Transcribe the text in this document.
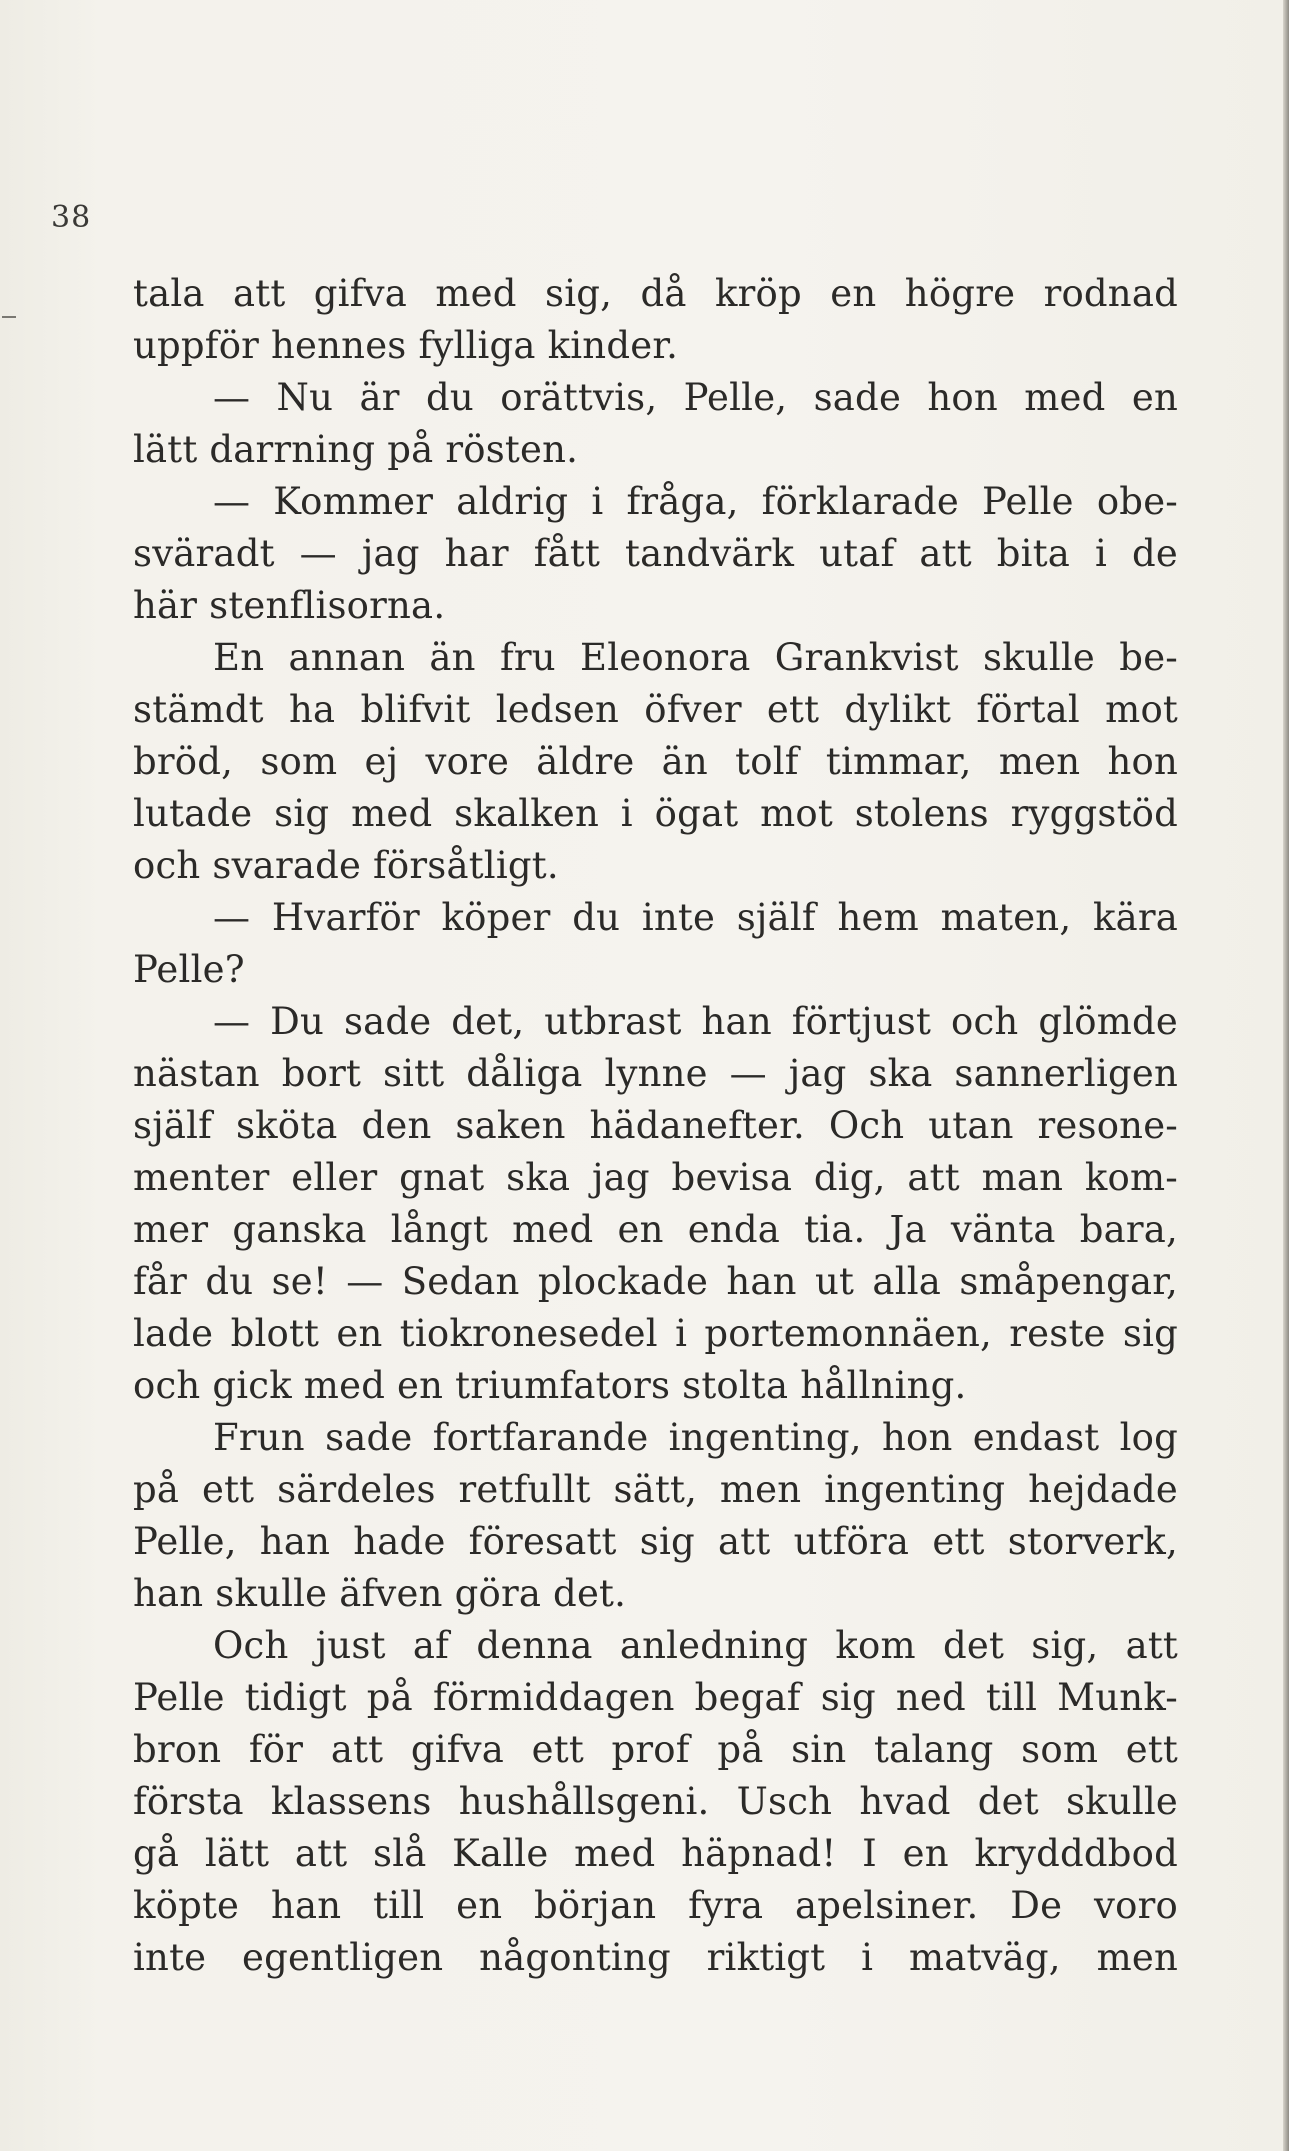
38
tala att gifva med sig, då kröp en högre rodnad
uppför hennes fylliga kinder.
— Nu är du orättvis, Pelle, sade hon med en
lätt darrning på rösten.
— Kommer aldrig i fråga, förklarade Pelle obe-
sväradt — jag har fått tandvärk utaf att bita i de
här stenflisorna.
En annan än fru Eleonora Grankvist skulle be-
stämdt ha blifvit ledsen öfver ett dylikt förtal mot
bröd, som ej vore äldre än tolf timmar, men hon
lutade sig med skalken i ögat mot stolens ryggstöd
och svarade försåtligt.
— Hvarför köper du inte själf hem maten, kära
Pelle?
— Du sade det, utbrast han förtjust och glömde
nästan bort sitt dåliga lynne — jag ska sannerligen
själf sköta den saken hädanefter. Och utan resone-
menter eller gnat ska jag bevisa dig, att man kom-
mer ganska långt med en enda tia. Ja vänta bara,
får du se! — Sedan plockade han ut alla småpengar,
lade blott en tiokronesedel i portemonnäen, reste sig
och gick med en triumfators stolta hållning.
Frun sade fortfarande ingenting, hon endast log
på ett särdeles retfullt sätt, men ingenting hejdade
Pelle, han hade föresatt sig att utföra ett storverk,
han skulle äfven göra det.
Och just af denna anledning kom det sig, att
Pelle tidigt på förmiddagen begaf sig ned till Munk-
bron för att gifva ett prof på sin talang som ett
första klassens hushållsgeni. Usch hvad det skulle
gå lätt att slå Kalle med häpnad! I en krydddbod
köpte han till en början fyra apelsiner. De voro
inte egentligen någonting riktigt i matväg, men
